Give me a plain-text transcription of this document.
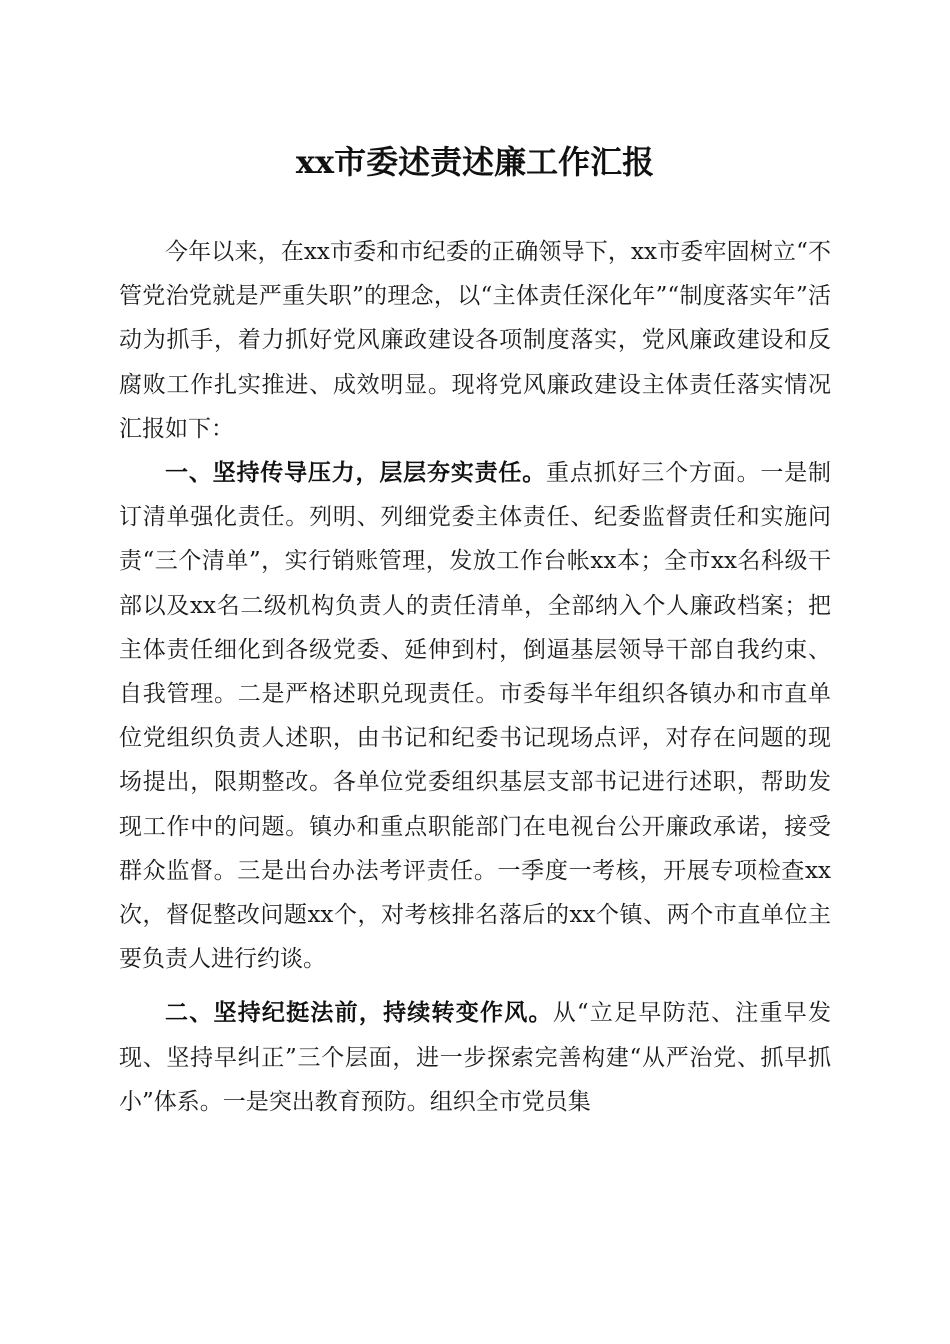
xx市委述责述廉工作汇报

今年以来，在xx市委和市纪委的正确领导下，xx市委牢固树立“不管党治党就是严重失职”的理念，以“主体责任深化年”“制度落实年”活动为抓手，着力抓好党风廉政建设各项制度落实，党风廉政建设和反腐败工作扎实推进、成效明显。现将党风廉政建设主体责任落实情况汇报如下：

一、坚持传导压力，层层夯实责任。重点抓好三个方面。一是制订清单强化责任。列明、列细党委主体责任、纪委监督责任和实施问责“三个清单”，实行销账管理，发放工作台帐xx本；全市xx名科级干部以及xx名二级机构负责人的责任清单，全部纳入个人廉政档案；把主体责任细化到各级党委、延伸到村，倒逼基层领导干部自我约束、自我管理。二是严格述职兑现责任。市委每半年组织各镇办和市直单位党组织负责人述职，由书记和纪委书记现场点评，对存在问题的现场提出，限期整改。各单位党委组织基层支部书记进行述职，帮助发现工作中的问题。镇办和重点职能部门在电视台公开廉政承诺，接受群众监督。三是出台办法考评责任。一季度一考核，开展专项检查xx次，督促整改问题xx个，对考核排名落后的xx个镇、两个市直单位主要负责人进行约谈。

二、坚持纪挺法前，持续转变作风。从“立足早防范、注重早发现、坚持早纠正”三个层面，进一步探索完善构建“从严治党、抓早抓小”体系。一是突出教育预防。组织全市党员集
